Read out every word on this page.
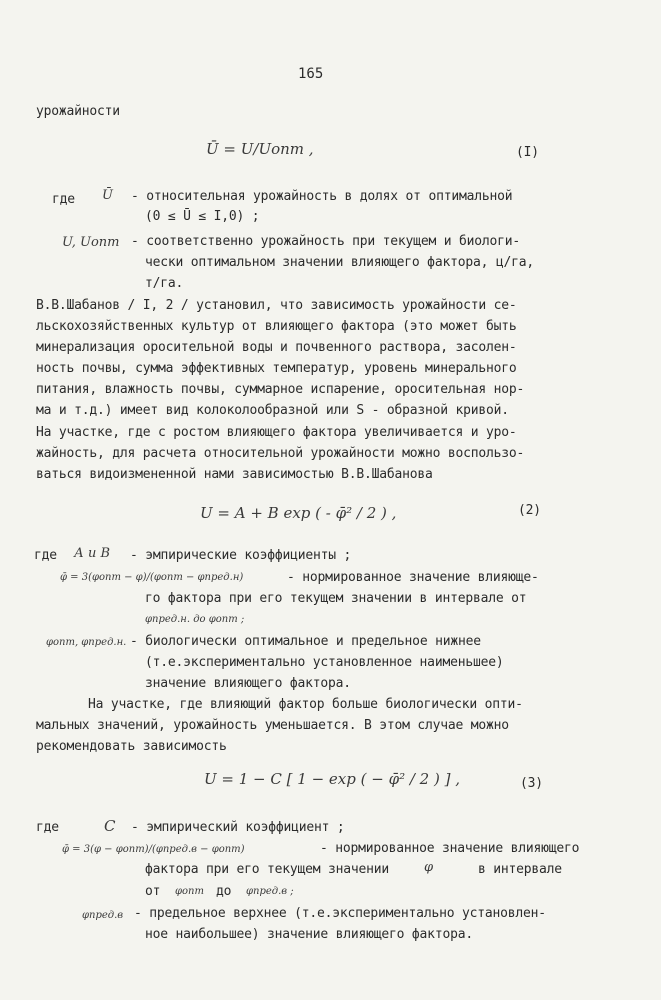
165
урожайности
Ū = U/Uопт ,	(I)
где Ū - относительная урожайность в долях от оптимальной
(0 ≤ Ū ≤ I,0) ;
U, Uопт - соответственно урожайность при текущем и биологи-
чески оптимальном значении влияющего фактора, ц/га,
т/га.
В.В.Шабанов / I, 2 / установил, что зависимость урожайности се-
льскохозяйственных культур от влияющего фактора (это может быть
минерализация оросительной воды и почвенного раствора, засолен-
ность почвы, сумма эффективных температур, уровень минерального
питания, влажность почвы, суммарное испарение, оросительная нор-
ма и т.д.) имеет вид колоколообразной или S - образной кривой.
На участке, где с ростом влияющего фактора увеличивается и уро-
жайность, для расчета относительной урожайности можно воспользо-
ваться видоизмененной нами зависимостью В.В.Шабанова
U = A + B exp ( - φ̄² / 2 ) ,	(2)
где А и В - эмпирические коэффициенты ;
φ̄ = 3(φопт − φ)/(φопт − φпред.н)	- нормированное значение влияюще-
го фактора при его текущем значении в интервале от
φпред.н. до φопт ;
φопт, φпред.н. - биологически оптимальное и предельное нижнее
(т.е.экспериментально установленное наименьшее)
значение влияющего фактора.
На участке, где влияющий фактор больше биологически опти-
мальных значений, урожайность уменьшается. В этом случае можно
рекомендовать зависимость
U = 1 − C [ 1 − exp ( − φ̄² / 2 ) ] ,	(3)
где	C - эмпирический коэффициент ;
φ̄ = 3(φ − φопт)/(φпред.в − φопт)	- нормированное значение влияющего
фактора при его текущем значении	φ	в интервале
от φопт до φпред.в ;
φпред.в - предельное верхнее (т.е.экспериментально установлен-
ное наибольшее) значение влияющего фактора.
